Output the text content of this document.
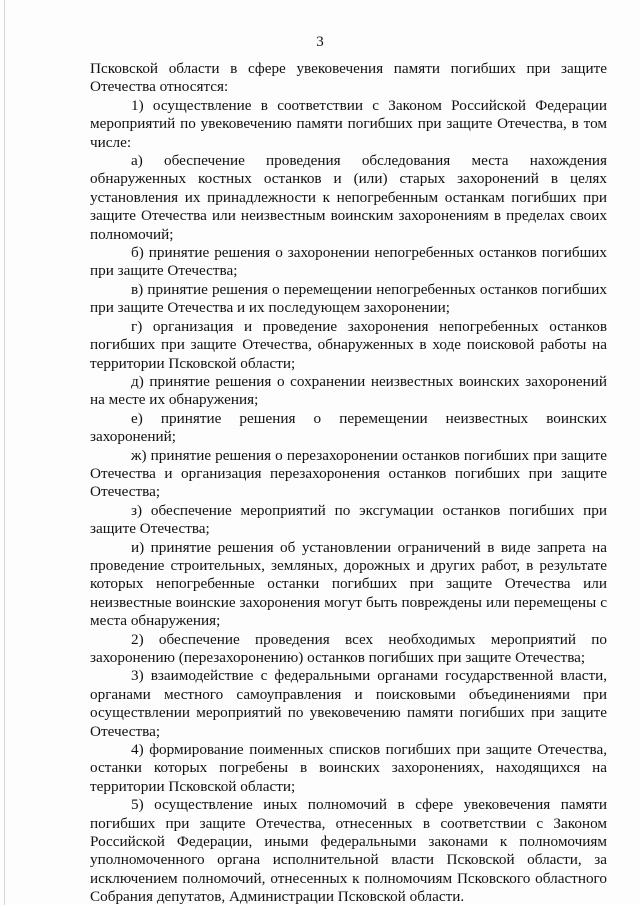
3

Псковской области в сфере увековечения памяти погибших при защите Отечества относятся:

1) осуществление в соответствии с Законом Российской Федерации мероприятий по увековечению памяти погибших при защите Отечества, в том числе:

а) обеспечение проведения обследования места нахождения обнаруженных костных останков и (или) старых захоронений в целях установления их принадлежности к непогребенным останкам погибших при защите Отечества или неизвестным воинским захоронениям в пределах своих полномочий;

б) принятие решения о захоронении непогребенных останков погибших при защите Отечества;

в) принятие решения о перемещении непогребенных останков погибших при защите Отечества и их последующем захоронении;

г) организация и проведение захоронения непогребенных останков погибших при защите Отечества, обнаруженных в ходе поисковой работы на территории Псковской области;

д) принятие решения о сохранении неизвестных воинских захоронений на месте их обнаружения;

е) принятие решения о перемещении неизвестных воинских захоронений;

ж) принятие решения о перезахоронении останков погибших при защите Отечества и организация перезахоронения останков погибших при защите Отечества;

з) обеспечение мероприятий по эксгумации останков погибших при защите Отечества;

и) принятие решения об установлении ограничений в виде запрета на проведение строительных, земляных, дорожных и других работ, в результате которых непогребенные останки погибших при защите Отечества или неизвестные воинские захоронения могут быть повреждены или перемещены с места обнаружения;

2) обеспечение проведения всех необходимых мероприятий по захоронению (перезахоронению) останков погибших при защите Отечества;

3) взаимодействие с федеральными органами государственной власти, органами местного самоуправления и поисковыми объединениями при осуществлении мероприятий по увековечению памяти погибших при защите Отечества;

4) формирование поименных списков погибших при защите Отечества, останки которых погребены в воинских захоронениях, находящихся на территории Псковской области;

5) осуществление иных полномочий в сфере увековечения памяти погибших при защите Отечества, отнесенных в соответствии с Законом Российской Федерации, иными федеральными законами к полномочиям уполномоченного органа исполнительной власти Псковской области, за исключением полномочий, отнесенных к полномочиям Псковского областного Собрания депутатов, Администрации Псковской области.
